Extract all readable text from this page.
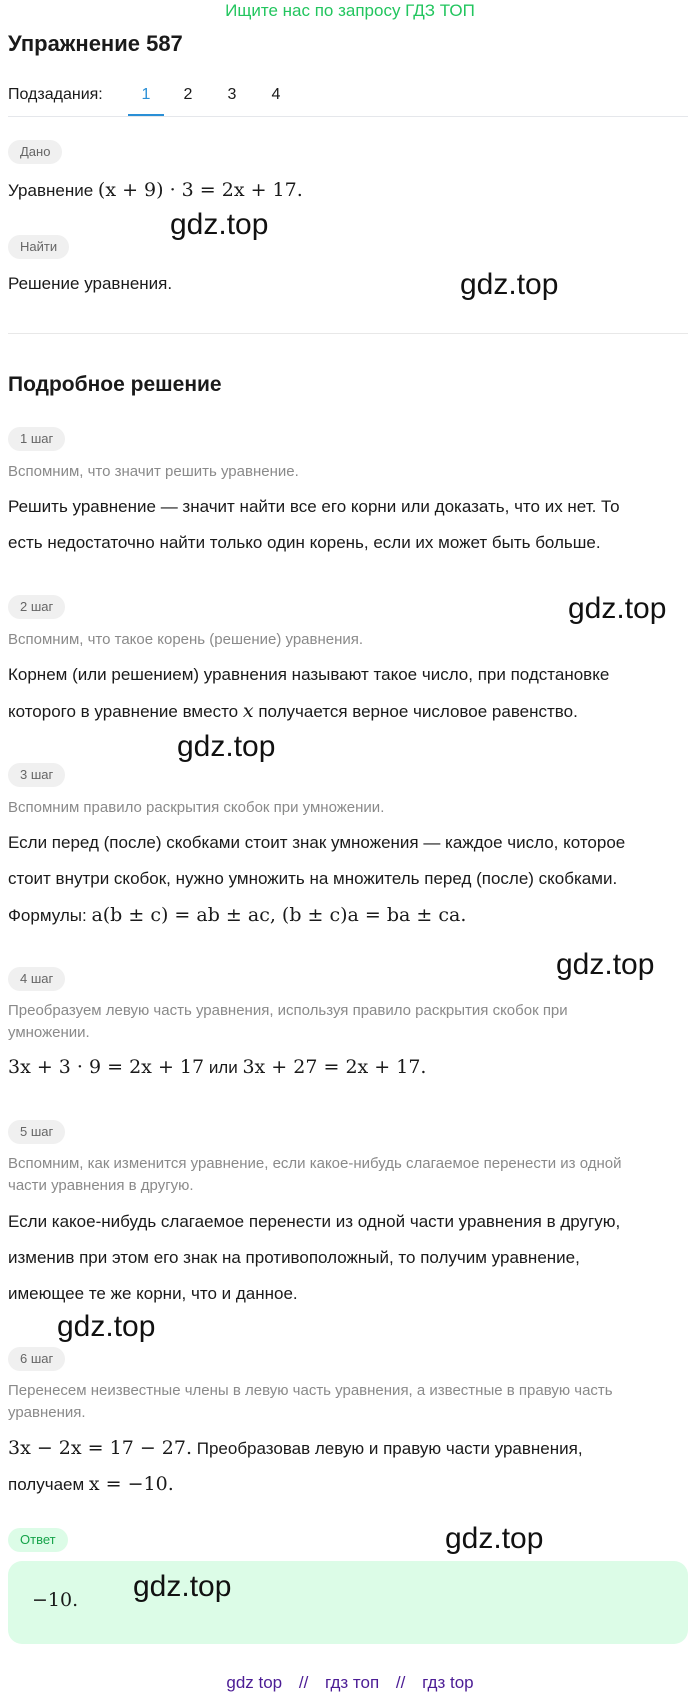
Ищите нас по запросу ГДЗ ТОП
Упражнение 587
Подзадания:	1	2	3	4
Дано
Уравнение (x + 9) · 3 = 2x + 17.
Найти
Решение уравнения.
Подробное решение
1 шаг
Вспомним, что значит решить уравнение.
Решить уравнение — значит найти все его корни или доказать, что их нет. То
есть недостаточно найти только один корень, если их может быть больше.
2 шаг
Вспомним, что такое корень (решение) уравнения.
Корнем (или решением) уравнения называют такое число, при подстановке
которого в уравнение вместо x получается верное числовое равенство.
3 шаг
Вспомним правило раскрытия скобок при умножении.
Если перед (после) скобками стоит знак умножения — каждое число, которое
стоит внутри скобок, нужно умножить на множитель перед (после) скобками.
Формулы: a(b ± c) = ab ± ac, (b ± c)a = ba ± ca.
4 шаг
Преобразуем левую часть уравнения, используя правило раскрытия скобок при
умножении.
3x + 3 · 9 = 2x + 17 или 3x + 27 = 2x + 17.
5 шаг
Вспомним, как изменится уравнение, если какое-нибудь слагаемое перенести из одной
части уравнения в другую.
Если какое-нибудь слагаемое перенести из одной части уравнения в другую,
изменив при этом его знак на противоположный, то получим уравнение,
имеющее те же корни, что и данное.
6 шаг
Перенесем неизвестные члены в левую часть уравнения, а известные в правую часть
уравнения.
3x − 2x = 17 − 27. Преобразовав левую и правую части уравнения,
получаем x = −10.
Ответ
−10.
gdz.top
gdz.top
gdz.top
gdz.top
gdz.top
gdz.top
gdz.top
gdz.top
gdz top // гдз топ // гдз top
